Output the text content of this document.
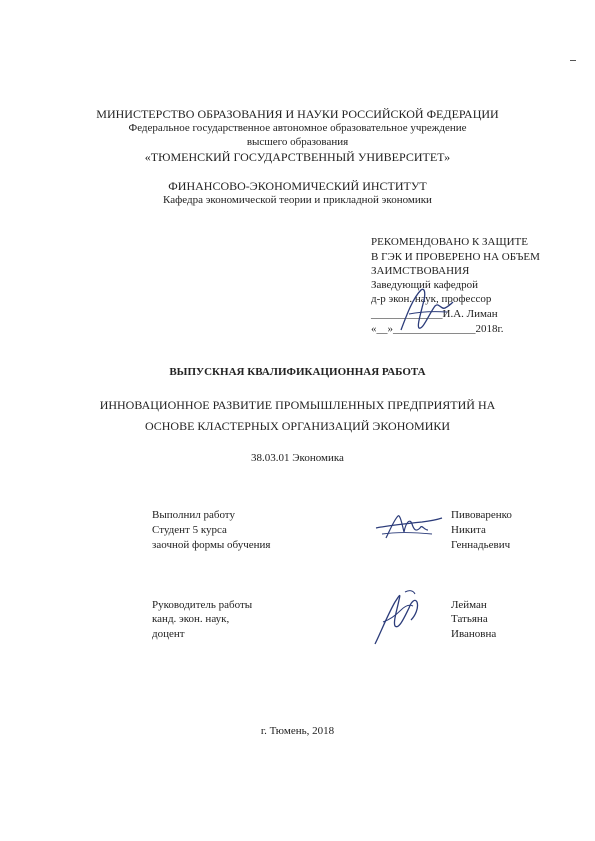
МИНИСТЕРСТВО ОБРАЗОВАНИЯ И НАУКИ РОССИЙСКОЙ ФЕДЕРАЦИИ
Федеральное государственное автономное образовательное учреждение
высшего образования
«ТЮМЕНСКИЙ ГОСУДАРСТВЕННЫЙ УНИВЕРСИТЕТ»
ФИНАНСОВО-ЭКОНОМИЧЕСКИЙ ИНСТИТУТ
Кафедра экономической теории и прикладной экономики
РЕКОМЕНДОВАНО К ЗАЩИТЕ
В ГЭК И ПРОВЕРЕНО НА ОБЪЕМ
ЗАИМСТВОВАНИЯ
Заведующий кафедрой
д-р экон. наук, профессор
_____________И.А. Лиман
«__»_______________2018г.
ВЫПУСКНАЯ КВАЛИФИКАЦИОННАЯ РАБОТА
ИННОВАЦИОННОЕ РАЗВИТИЕ ПРОМЫШЛЕННЫХ ПРЕДПРИЯТИЙ НА
ОСНОВЕ КЛАСТЕРНЫХ ОРГАНИЗАЦИЙ ЭКОНОМИКИ
38.03.01 Экономика
Выполнил работу
Студент 5 курса
заочной формы обучения
Пивоваренко
Никита
Геннадьевич
Руководитель работы
канд. экон. наук,
доцент
Лейман
Татьяна
Ивановна
г. Тюмень, 2018
